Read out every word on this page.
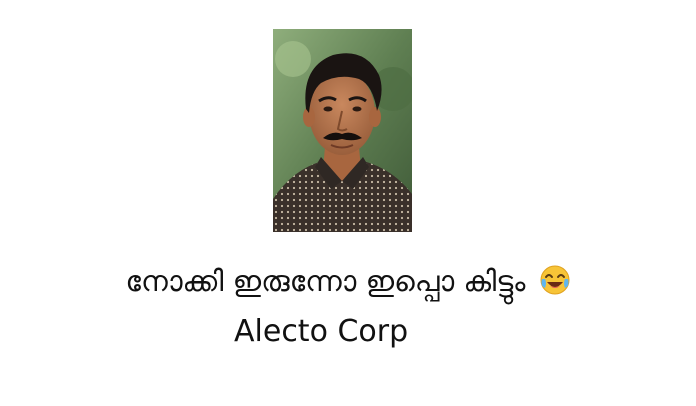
നോക്കി ഇരുന്നോ ഇപ്പൊ കിട്ടും
Alecto Corp
